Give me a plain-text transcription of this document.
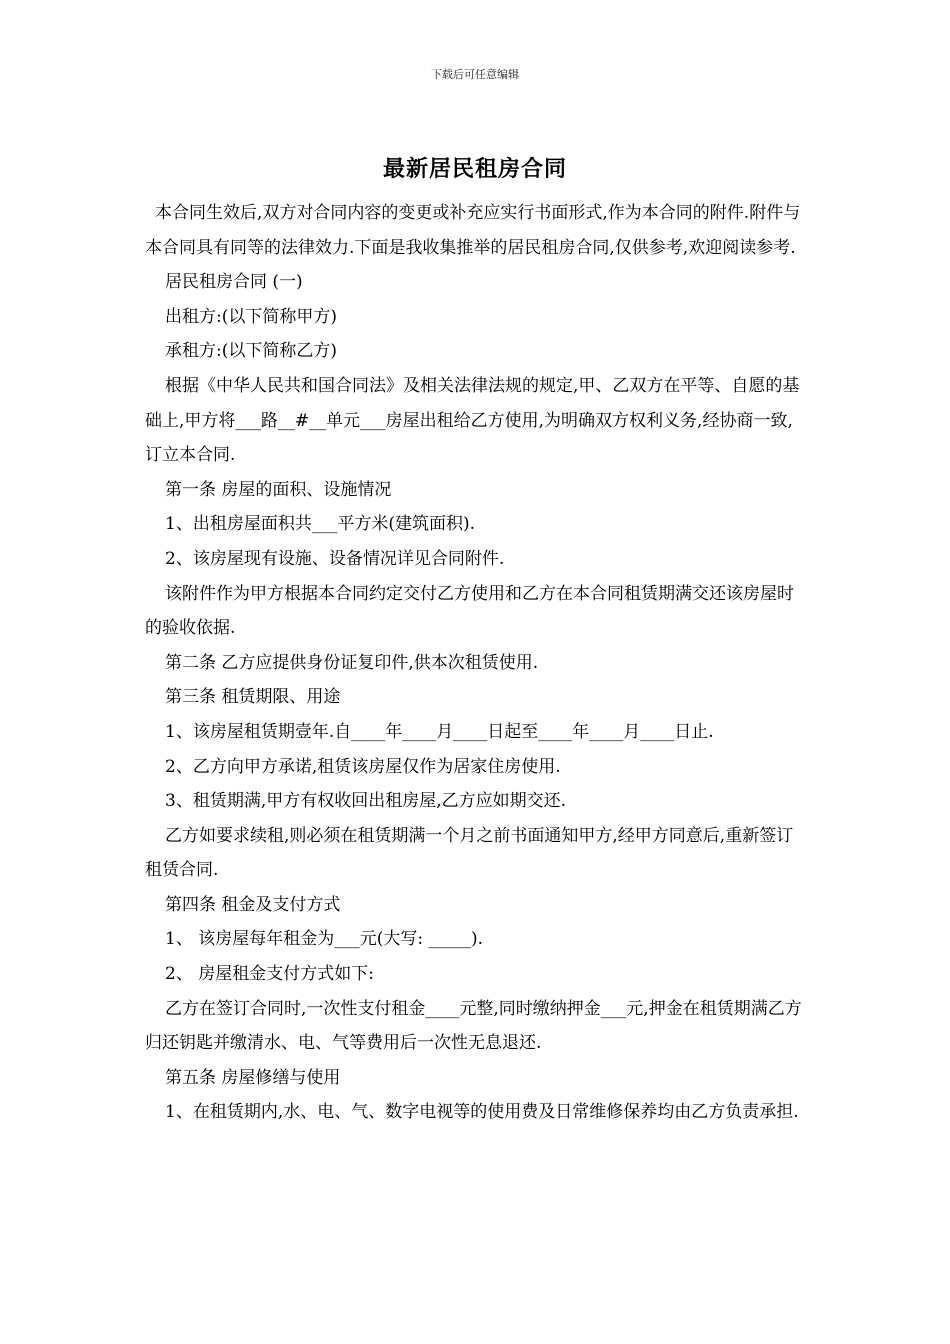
下载后可任意编辑
最新居民租房合同

本合同生效后,双方对合同内容的变更或补充应实行书面形式,作为本合同的附件.附件与本合同具有同等的法律效力.下面是我收集推举的居民租房合同,仅供参考,欢迎阅读参考.

居民租房合同 (一)

出租方:(以下简称甲方)

承租方:(以下简称乙方)

根据《中华人民共和国合同法》及相关法律法规的规定,甲、乙双方在平等、自愿的基础上,甲方将___路__#__单元___房屋出租给乙方使用,为明确双方权利义务,经协商一致,订立本合同.

第一条 房屋的面积、设施情况

1、出租房屋面积共___平方米(建筑面积).

2、该房屋现有设施、设备情况详见合同附件.

该附件作为甲方根据本合同约定交付乙方使用和乙方在本合同租赁期满交还该房屋时的验收依据.

第二条 乙方应提供身份证复印件,供本次租赁使用.

第三条 租赁期限、用途

1、该房屋租赁期壹年.自____年____月____日起至____年____月____日止.

2、乙方向甲方承诺,租赁该房屋仅作为居家住房使用.

3、租赁期满,甲方有权收回出租房屋,乙方应如期交还.

乙方如要求续租,则必须在租赁期满一个月之前书面通知甲方,经甲方同意后,重新签订租赁合同.

第四条 租金及支付方式

1、 该房屋每年租金为___元(大写: _____).

2、 房屋租金支付方式如下:

乙方在签订合同时,一次性支付租金____元整,同时缴纳押金___元,押金在租赁期满乙方归还钥匙并缴清水、电、气等费用后一次性无息退还.

第五条 房屋修缮与使用

1、在租赁期内,水、电、气、数字电视等的使用费及日常维修保养均由乙方负责承担.
